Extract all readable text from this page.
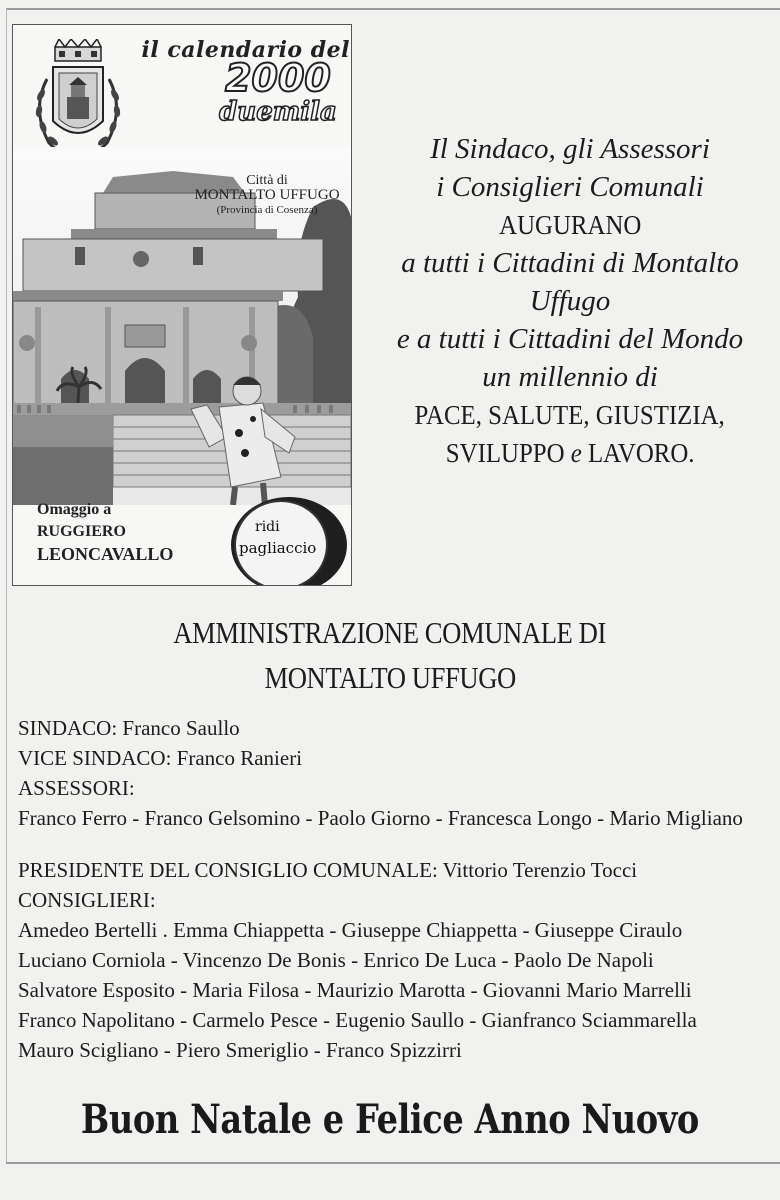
il calendario del
2000
duemila
ridi
pagliaccio
Città di
MONTALTO UFFUGO
(Provincia di Cosenza)
Omaggio a
RUGGIERO
LEONCAVALLO
Il Sindaco, gli Assessori
i Consiglieri Comunali
AUGURANO
a tutti i Cittadini di Montalto Uffugo
e a tutti i Cittadini del Mondo
un millennio di
PACE, SALUTE, GIUSTIZIA,
SVILUPPO e LAVORO.
AMMINISTRAZIONE COMUNALE DI
MONTALTO UFFUGO
SINDACO: Franco Saullo
VICE SINDACO: Franco Ranieri
ASSESSORI:
Franco Ferro - Franco Gelsomino - Paolo Giorno - Francesca Longo - Mario Migliano
PRESIDENTE DEL CONSIGLIO COMUNALE: Vittorio Terenzio Tocci
CONSIGLIERI:
Amedeo Bertelli . Emma Chiappetta - Giuseppe Chiappetta - Giuseppe Ciraulo
Luciano Corniola - Vincenzo De Bonis - Enrico De Luca - Paolo De Napoli
Salvatore Esposito - Maria Filosa - Maurizio Marotta - Giovanni Mario Marrelli
Franco Napolitano - Carmelo Pesce - Eugenio Saullo - Gianfranco Sciammarella
Mauro Scigliano - Piero Smeriglio - Franco Spizzirri
Buon Natale e Felice Anno Nuovo
